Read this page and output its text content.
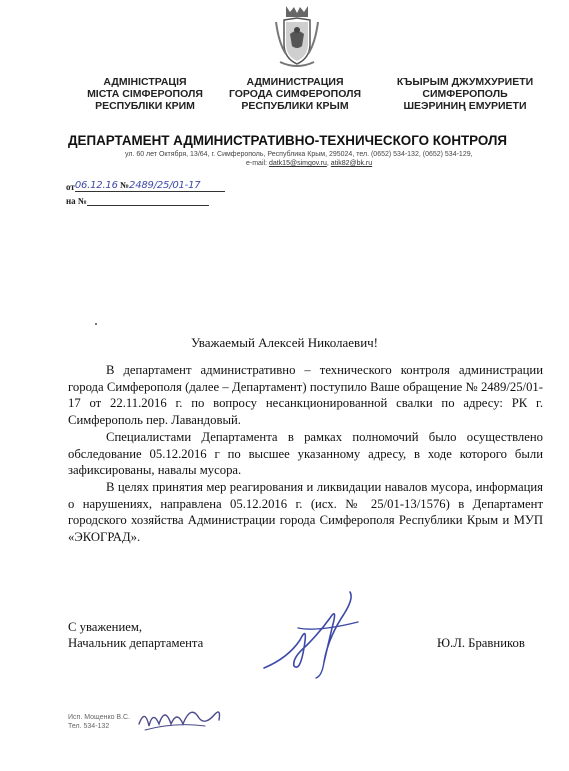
АДМІНІСТРАЦІЯ
МІСТА СІМФЕРОПОЛЯ
РЕСПУБЛІКИ КРИМ
АДМИНИСТРАЦИЯ
ГОРОДА СИМФЕРОПОЛЯ
РЕСПУБЛИКИ КРЫМ
КЪЫРЫМ ДЖУМХУРИЕТИ
СИМФЕРОПОЛЬ
ШЕЭРИНИҢ ЕМУРИЕТИ
ДЕПАРТАМЕНТ АДМИНИСТРАТИВНО-ТЕХНИЧЕСКОГО КОНТРОЛЯ
ул. 60 лет Октября, 13/64, г. Симферополь, Республика Крым, 295024, тел. (0652) 534-132, (0652) 534-129,
e-mail: datk15@simgov.ru, atik82@bk.ru
от06.12.16 №2489/25/01-17
на №
Уважаемый Алексей Николаевич!
В департамент административно – технического контроля администрации города Симферополя (далее – Департамент) поступило Ваше обращение № 2489/25/01-17 от 22.11.2016 г. по вопросу несанкционированной свалки по адресу: РК г. Симферополь пер. Лавандовый.
Специалистами Департамента в рамках полномочий было осуществлено обследование 05.12.2016 г по высшее указанному адресу, в ходе которого были зафиксированы, навалы мусора.
В целях принятия мер реагирования и ликвидации навалов мусора, информация о нарушениях, направлена 05.12.2016 г. (исх. № 25/01-13/1576) в Департамент городского хозяйства Администрации города Симферополя Республики Крым и МУП «ЭКОГРАД».
С уважением,
Начальник департамента	Ю.Л. Бравников
Исп. Мощенко В.С.
Тел. 534-132
